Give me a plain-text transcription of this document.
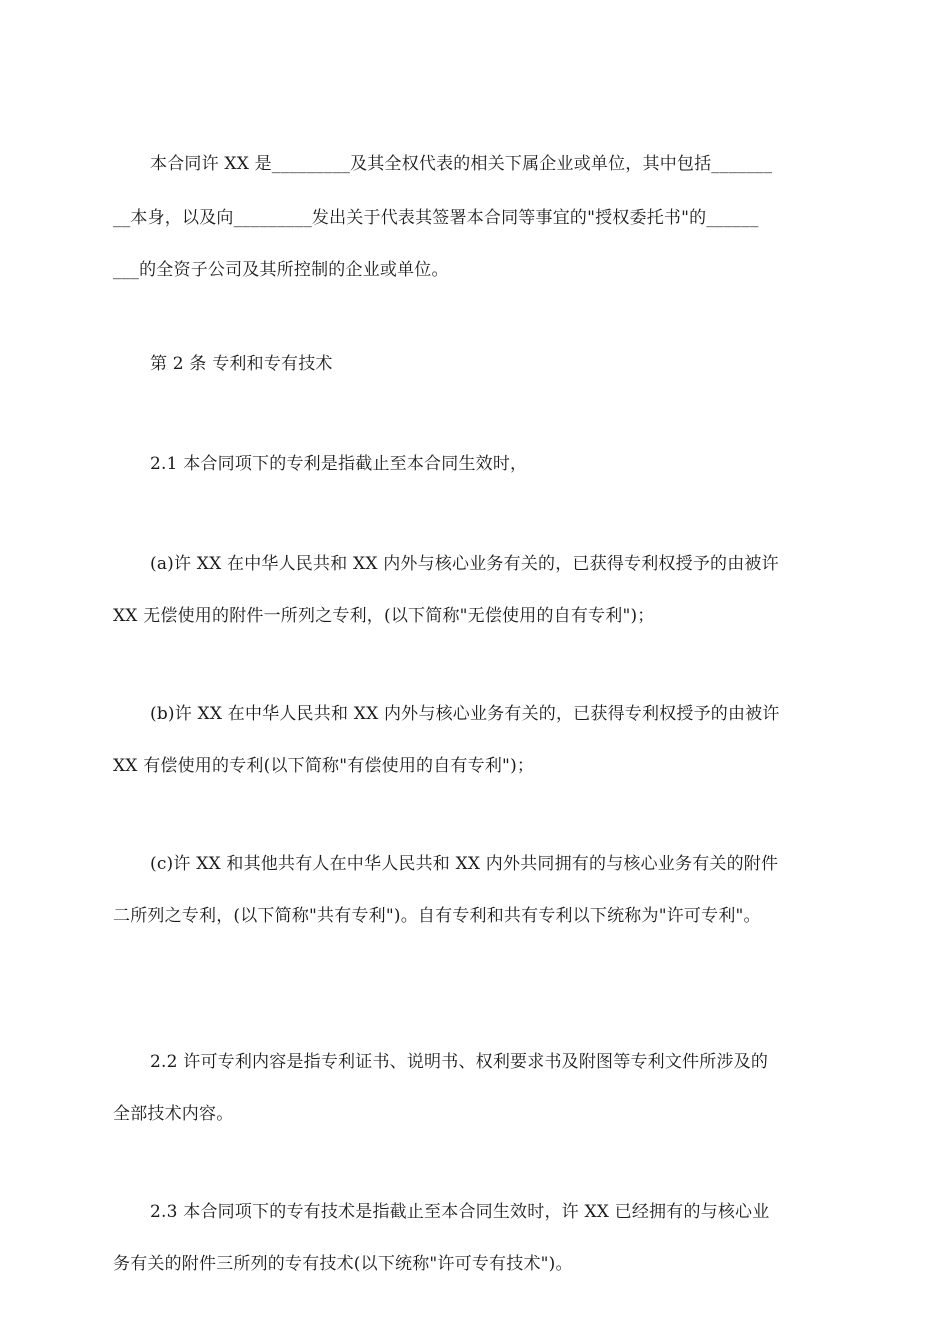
本合同许 XX 是_________及其全权代表的相关下属企业或单位，其中包括_______
__本身，以及向_________发出关于代表其签署本合同等事宜的"授权委托书"的______
___的全资子公司及其所控制的企业或单位。
第 2 条 专利和专有技术
2.1 本合同项下的专利是指截止至本合同生效时，
(a)许 XX 在中华人民共和 XX 内外与核心业务有关的，已获得专利权授予的由被许
XX 无偿使用的附件一所列之专利，(以下简称"无偿使用的自有专利")；
(b)许 XX 在中华人民共和 XX 内外与核心业务有关的，已获得专利权授予的由被许
XX 有偿使用的专利(以下简称"有偿使用的自有专利")；
(c)许 XX 和其他共有人在中华人民共和 XX 内外共同拥有的与核心业务有关的附件
二所列之专利，(以下简称"共有专利")。自有专利和共有专利以下统称为"许可专利"。
2.2 许可专利内容是指专利证书、说明书、权利要求书及附图等专利文件所涉及的
全部技术内容。
2.3 本合同项下的专有技术是指截止至本合同生效时，许 XX 已经拥有的与核心业
务有关的附件三所列的专有技术(以下统称"许可专有技术")。
